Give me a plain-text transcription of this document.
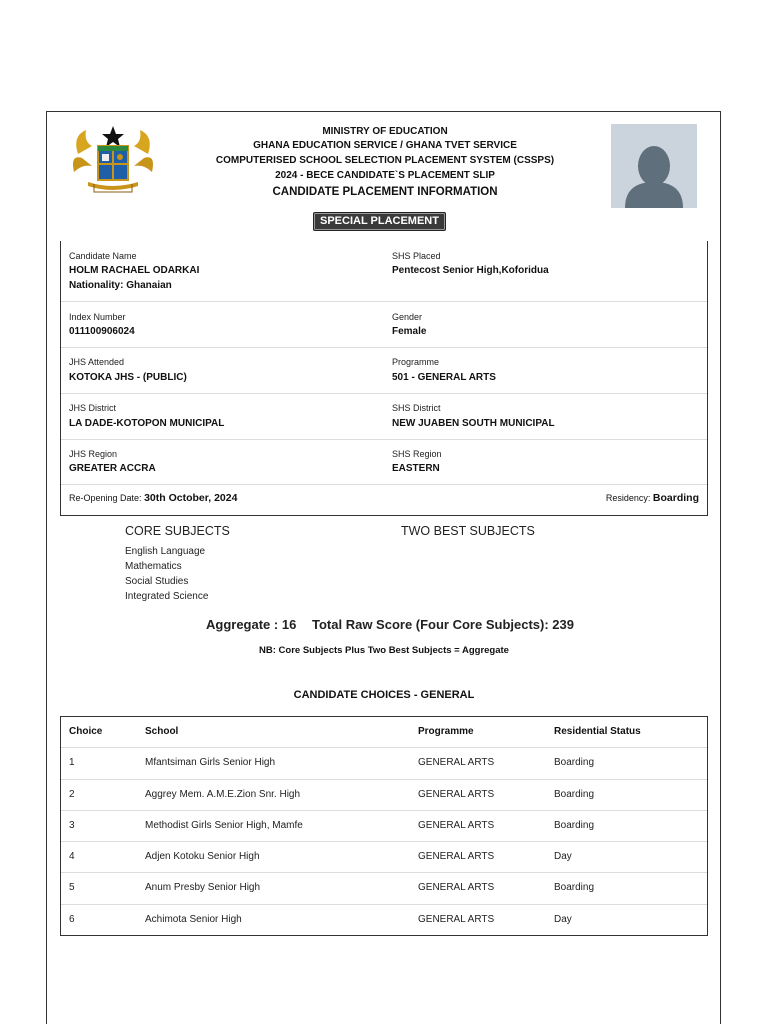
MINISTRY OF EDUCATION
GHANA EDUCATION SERVICE / GHANA TVET SERVICE
COMPUTERISED SCHOOL SELECTION PLACEMENT SYSTEM (CSSPS)
2024 - BECE CANDIDATE`S PLACEMENT SLIP
CANDIDATE PLACEMENT INFORMATION
SPECIAL PLACEMENT
Candidate Name
HOLM RACHAEL ODARKAI
Nationality: Ghanaian
SHS Placed
Pentecost Senior High,Koforidua
Index Number
011100906024
Gender
Female
JHS Attended
KOTOKA JHS - (PUBLIC)
Programme
501 - GENERAL ARTS
JHS District
LA DADE-KOTOPON MUNICIPAL
SHS District
NEW JUABEN SOUTH MUNICIPAL
JHS Region
GREATER ACCRA
SHS Region
EASTERN
Re-Opening Date: 30th October, 2024	Residency: Boarding
CORE SUBJECTS	TWO BEST SUBJECTS
English Language
Mathematics
Social Studies
Integrated Science
Aggregate : 16 Total Raw Score (Four Core Subjects): 239
NB: Core Subjects Plus Two Best Subjects = Aggregate
CANDIDATE CHOICES - GENERAL
Choice	School	Programme	Residential Status
1	Mfantsiman Girls Senior High	GENERAL ARTS	Boarding
2	Aggrey Mem. A.M.E.Zion Snr. High	GENERAL ARTS	Boarding
3	Methodist Girls Senior High, Mamfe	GENERAL ARTS	Boarding
4	Adjen Kotoku Senior High	GENERAL ARTS	Day
5	Anum Presby Senior High	GENERAL ARTS	Boarding
6	Achimota Senior High	GENERAL ARTS	Day
